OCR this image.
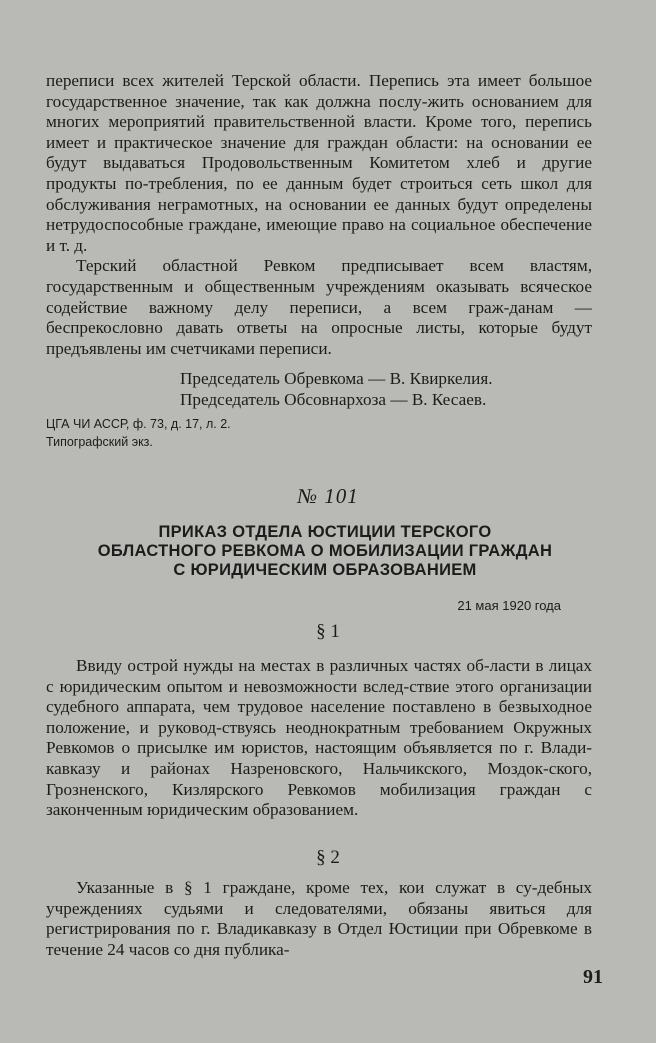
переписи всех жителей Терской области. Перепись эта имеет большое государственное значение, так как должна послу-жить основанием для многих мероприятий правительственной власти. Кроме того, перепись имеет и практическое значение для граждан области: на основании ее будут выдаваться Продовольственным Комитетом хлеб и другие продукты по-требления, по ее данным будет строиться сеть школ для обслуживания неграмотных, на основании ее данных будут определены нетрудоспособные граждане, имеющие право на социальное обеспечение и т. д.

Терский областной Ревком предписывает всем властям, государственным и общественным учреждениям оказывать всяческое содействие важному делу переписи, а всем граж-данам — беспрекословно давать ответы на опросные листы, которые будут предъявлены им счетчиками переписи.

Председатель Обревкома — В. Квиркелия.
Председатель Обсовнархоза — В. Кесаев.
ЦГА ЧИ АССР, ф. 73, д. 17, л. 2.
Типографский экз.
№ 101
ПРИКАЗ ОТДЕЛА ЮСТИЦИИ ТЕРСКОГО
ОБЛАСТНОГО РЕВКОМА О МОБИЛИЗАЦИИ ГРАЖДАН
С ЮРИДИЧЕСКИМ ОБРАЗОВАНИЕМ
21 мая 1920 года
§ 1

Ввиду острой нужды на местах в различных частях об-ласти в лицах с юридическим опытом и невозможности вслед-ствие этого организации судебного аппарата, чем трудовое население поставлено в безвыходное положение, и руковод-ствуясь неоднократным требованием Окружных Ревкомов о присылке им юристов, настоящим объявляется по г. Влади-кавказу и районах Назреновского, Нальчикского, Моздок-ского, Грозненского, Кизлярского Ревкомов мобилизация граждан с законченным юридическим образованием.

§ 2

Указанные в § 1 граждане, кроме тех, кои служат в су-дебных учреждениях судьями и следователями, обязаны явиться для регистрирования по г. Владикавказу в Отдел Юстиции при Обревкоме в течение 24 часов со дня публика-

91
